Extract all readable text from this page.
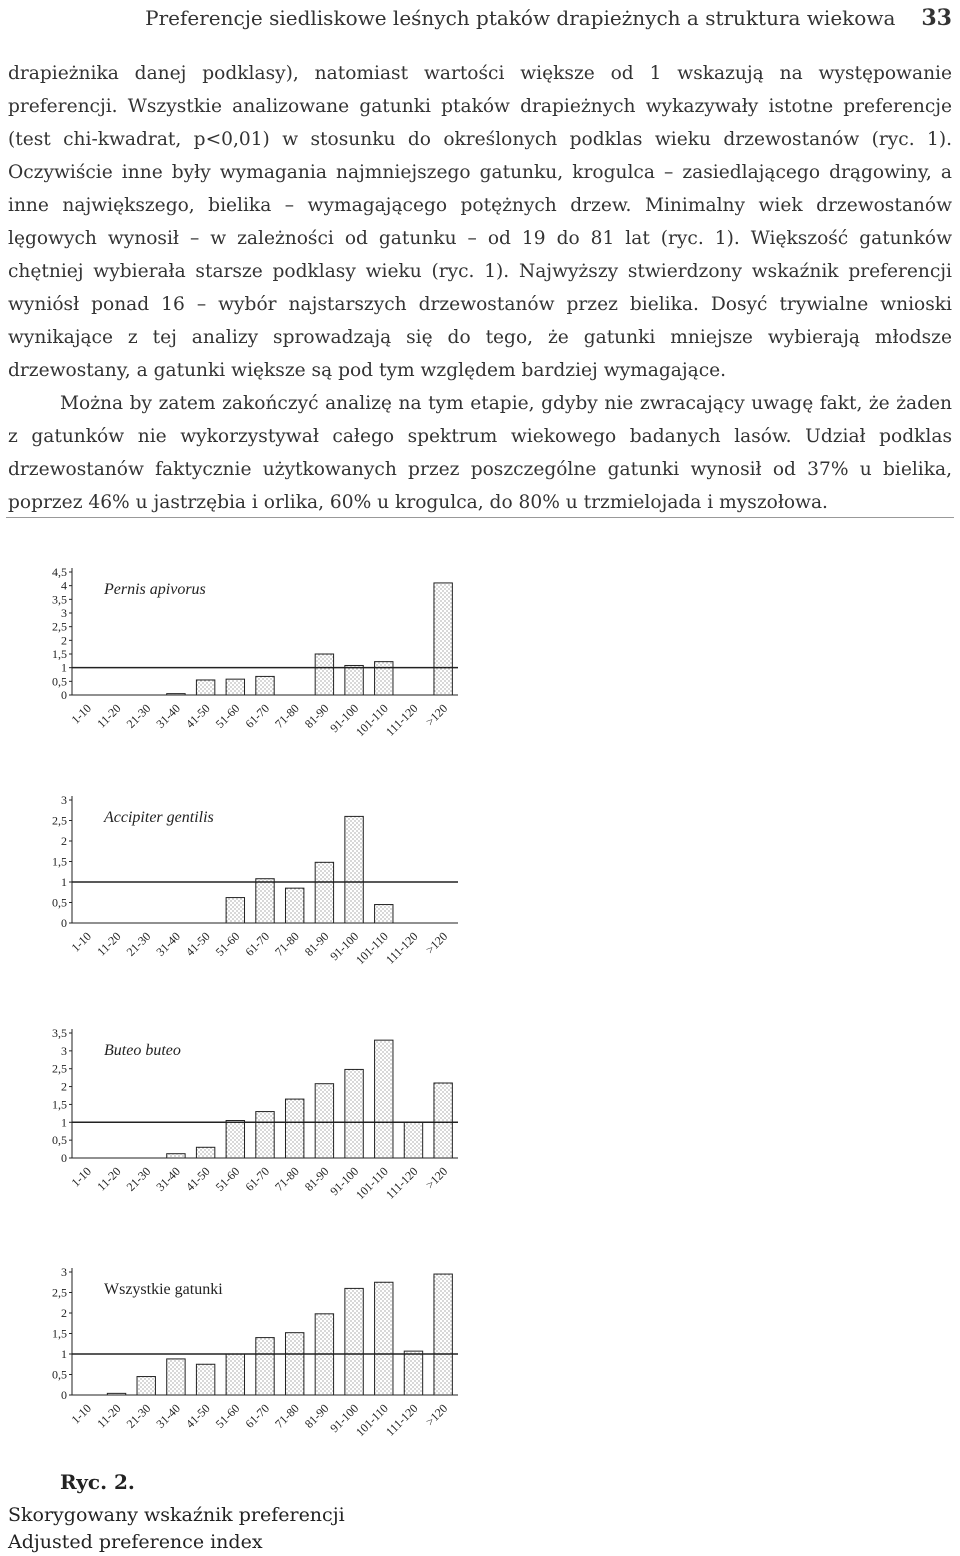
Preferencje siedliskowe leśnych ptaków drapieżnych a struktura wiekowa 33

drapieżnika danej podklasy), natomiast wartości większe od 1 wskazują na występowanie preferencji. Wszystkie analizowane gatunki ptaków drapieżnych wykazywały istotne preferencje (test chi-kwadrat, p<0,01) w stosunku do określonych podklas wieku drzewostanów (ryc. 1). Oczywiście inne były wymagania najmniejszego gatunku, krogulca – zasiedlającego drągowiny, a inne największego, bielika – wymagającego potężnych drzew. Minimalny wiek drzewostanów lęgowych wynosił – w zależności od gatunku – od 19 do 81 lat (ryc. 1). Większość gatunków chętniej wybierała starsze podklasy wieku (ryc. 1). Najwyższy stwierdzony wskaźnik preferencji wyniósł ponad 16 – wybór najstarszych drzewostanów przez bielika. Dosyć trywialne wnioski wynikające z tej analizy sprowadzają się do tego, że gatunki mniejsze wybierają młodsze drzewostany, a gatunki większe są pod tym względem bardziej wymagające.

Można by zatem zakończyć analizę na tym etapie, gdyby nie zwracający uwagę fakt, że żaden z gatunków nie wykorzystywał całego spektrum wiekowego badanych lasów. Udział podklas drzewostanów faktycznie użytkowanych przez poszczególne gatunki wynosił od 37% u bielika, poprzez 46% u jastrzębia i orlika, 60% u krogulca, do 80% u trzmielojada i myszołowa.

0
0,5
1
1,5
2
2,5
3
3,5
4
4,5
1-10 11-20 21-30 31-40 41-50 51-60 61-70 71-80 81-90
91-100
101-110
111-120 >120
Pernis apivorus
0
0,5
1
1,5
2
2,5
3
1-10 11-20 21-30 31-40 41-50 51-60 61-70 71-80 81-90
91-100
101-110
111-120 >120
Accipiter gentilis
0
0,5
1
1,5
2
2,5
3
3,5
1-10 11-20 21-30 31-40 41-50 51-60 61-70 71-80 81-90
91-100
101-110
111-120 >120
Buteo buteo
0
0,5
1
1,5
2
2,5
3
1-10 11-20 21-30 31-40 41-50 51-60 61-70 71-80 81-90
91-100
101-110
111-120 >120
Wszystkie gatunki
Ryc. 2.
Skorygowany wskaźnik preferencji
Adjusted preference index
